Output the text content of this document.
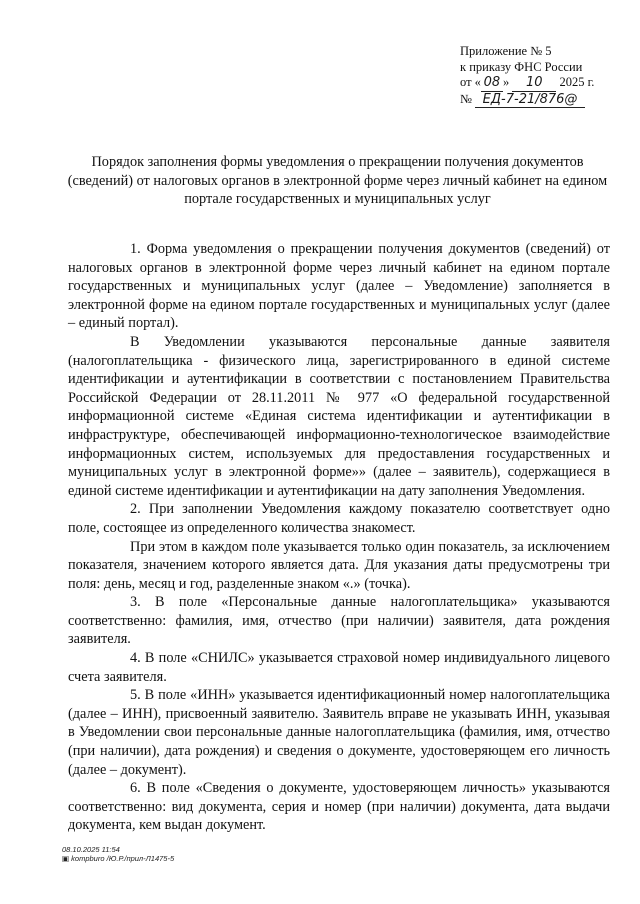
Приложение № 5
к приказу ФНС России
от « 08 » 10 2025 г.
№ ЕД-7-21/876@
Порядок заполнения формы уведомления о прекращении получения документов (сведений) от налоговых органов в электронной форме через личный кабинет на едином портале государственных и муниципальных услуг

1. Форма уведомления о прекращении получения документов (сведений) от налоговых органов в электронной форме через личный кабинет на едином портале государственных и муниципальных услуг (далее – Уведомление) заполняется в электронной форме на едином портале государственных и муниципальных услуг (далее – единый портал).

В Уведомлении указываются персональные данные заявителя (налогоплательщика - физического лица, зарегистрированного в единой системе идентификации и аутентификации в соответствии с постановлением Правительства Российской Федерации от 28.11.2011 № 977 «О федеральной государственной информационной системе «Единая система идентификации и аутентификации в инфраструктуре, обеспечивающей информационно-технологическое взаимодействие информационных систем, используемых для предоставления государственных и муниципальных услуг в электронной форме»» (далее – заявитель), содержащиеся в единой системе идентификации и аутентификации на дату заполнения Уведомления.

2. При заполнении Уведомления каждому показателю соответствует одно поле, состоящее из определенного количества знакомест.

При этом в каждом поле указывается только один показатель, за исключением показателя, значением которого является дата. Для указания даты предусмотрены три поля: день, месяц и год, разделенные знаком «.» (точка).

3. В поле «Персональные данные налогоплательщика» указываются соответственно: фамилия, имя, отчество (при наличии) заявителя, дата рождения заявителя.

4. В поле «СНИЛС» указывается страховой номер индивидуального лицевого счета заявителя.

5. В поле «ИНН» указывается идентификационный номер налогоплательщика (далее – ИНН), присвоенный заявителю. Заявитель вправе не указывать ИНН, указывая в Уведомлении свои персональные данные налогоплательщика (фамилия, имя, отчество (при наличии), дата рождения) и сведения о документе, удостоверяющем его личность (далее – документ).

6. В поле «Сведения о документе, удостоверяющем личность» указываются соответственно: вид документа, серия и номер (при наличии) документа, дата выдачи документа, кем выдан документ.

08.10.2025 11:54
▣ kompburo /Ю.Р./прил-Л1475-5
